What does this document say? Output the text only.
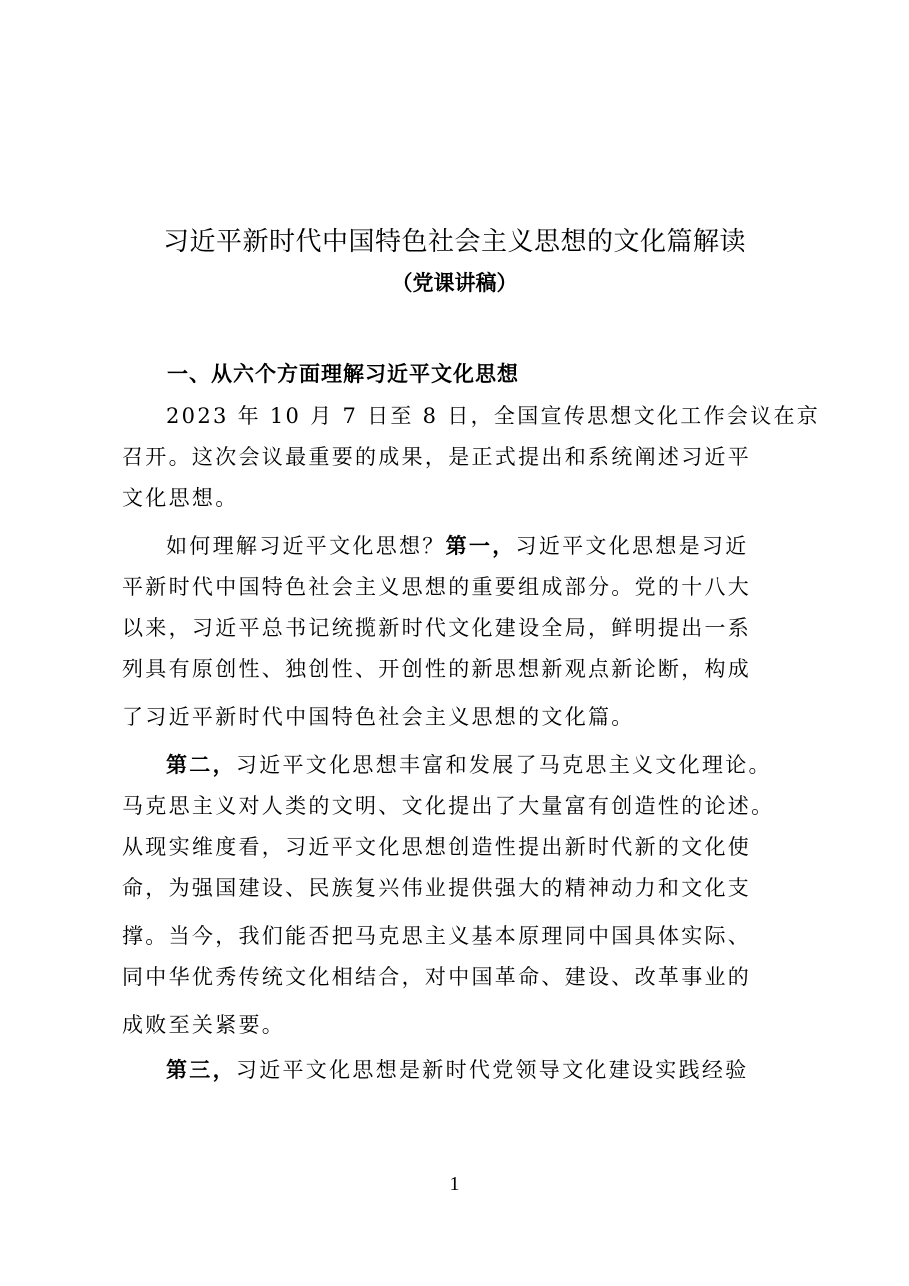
习近平新时代中国特色社会主义思想的文化篇解读
（党课讲稿）
一、从六个方面理解习近平文化思想
2023 年 10 月 7 日至 8 日，全国宣传思想文化工作会议在京
召开。这次会议最重要的成果，是正式提出和系统阐述习近平
文化思想。
如何理解习近平文化思想？第一，习近平文化思想是习近
平新时代中国特色社会主义思想的重要组成部分。党的十八大
以来，习近平总书记统揽新时代文化建设全局，鲜明提出一系
列具有原创性、独创性、开创性的新思想新观点新论断，构成
了习近平新时代中国特色社会主义思想的文化篇。
第二，习近平文化思想丰富和发展了马克思主义文化理论。
马克思主义对人类的文明、文化提出了大量富有创造性的论述。
从现实维度看，习近平文化思想创造性提出新时代新的文化使
命，为强国建设、民族复兴伟业提供强大的精神动力和文化支
撑。当今，我们能否把马克思主义基本原理同中国具体实际、
同中华优秀传统文化相结合，对中国革命、建设、改革事业的
成败至关紧要。
第三，习近平文化思想是新时代党领导文化建设实践经验
1
